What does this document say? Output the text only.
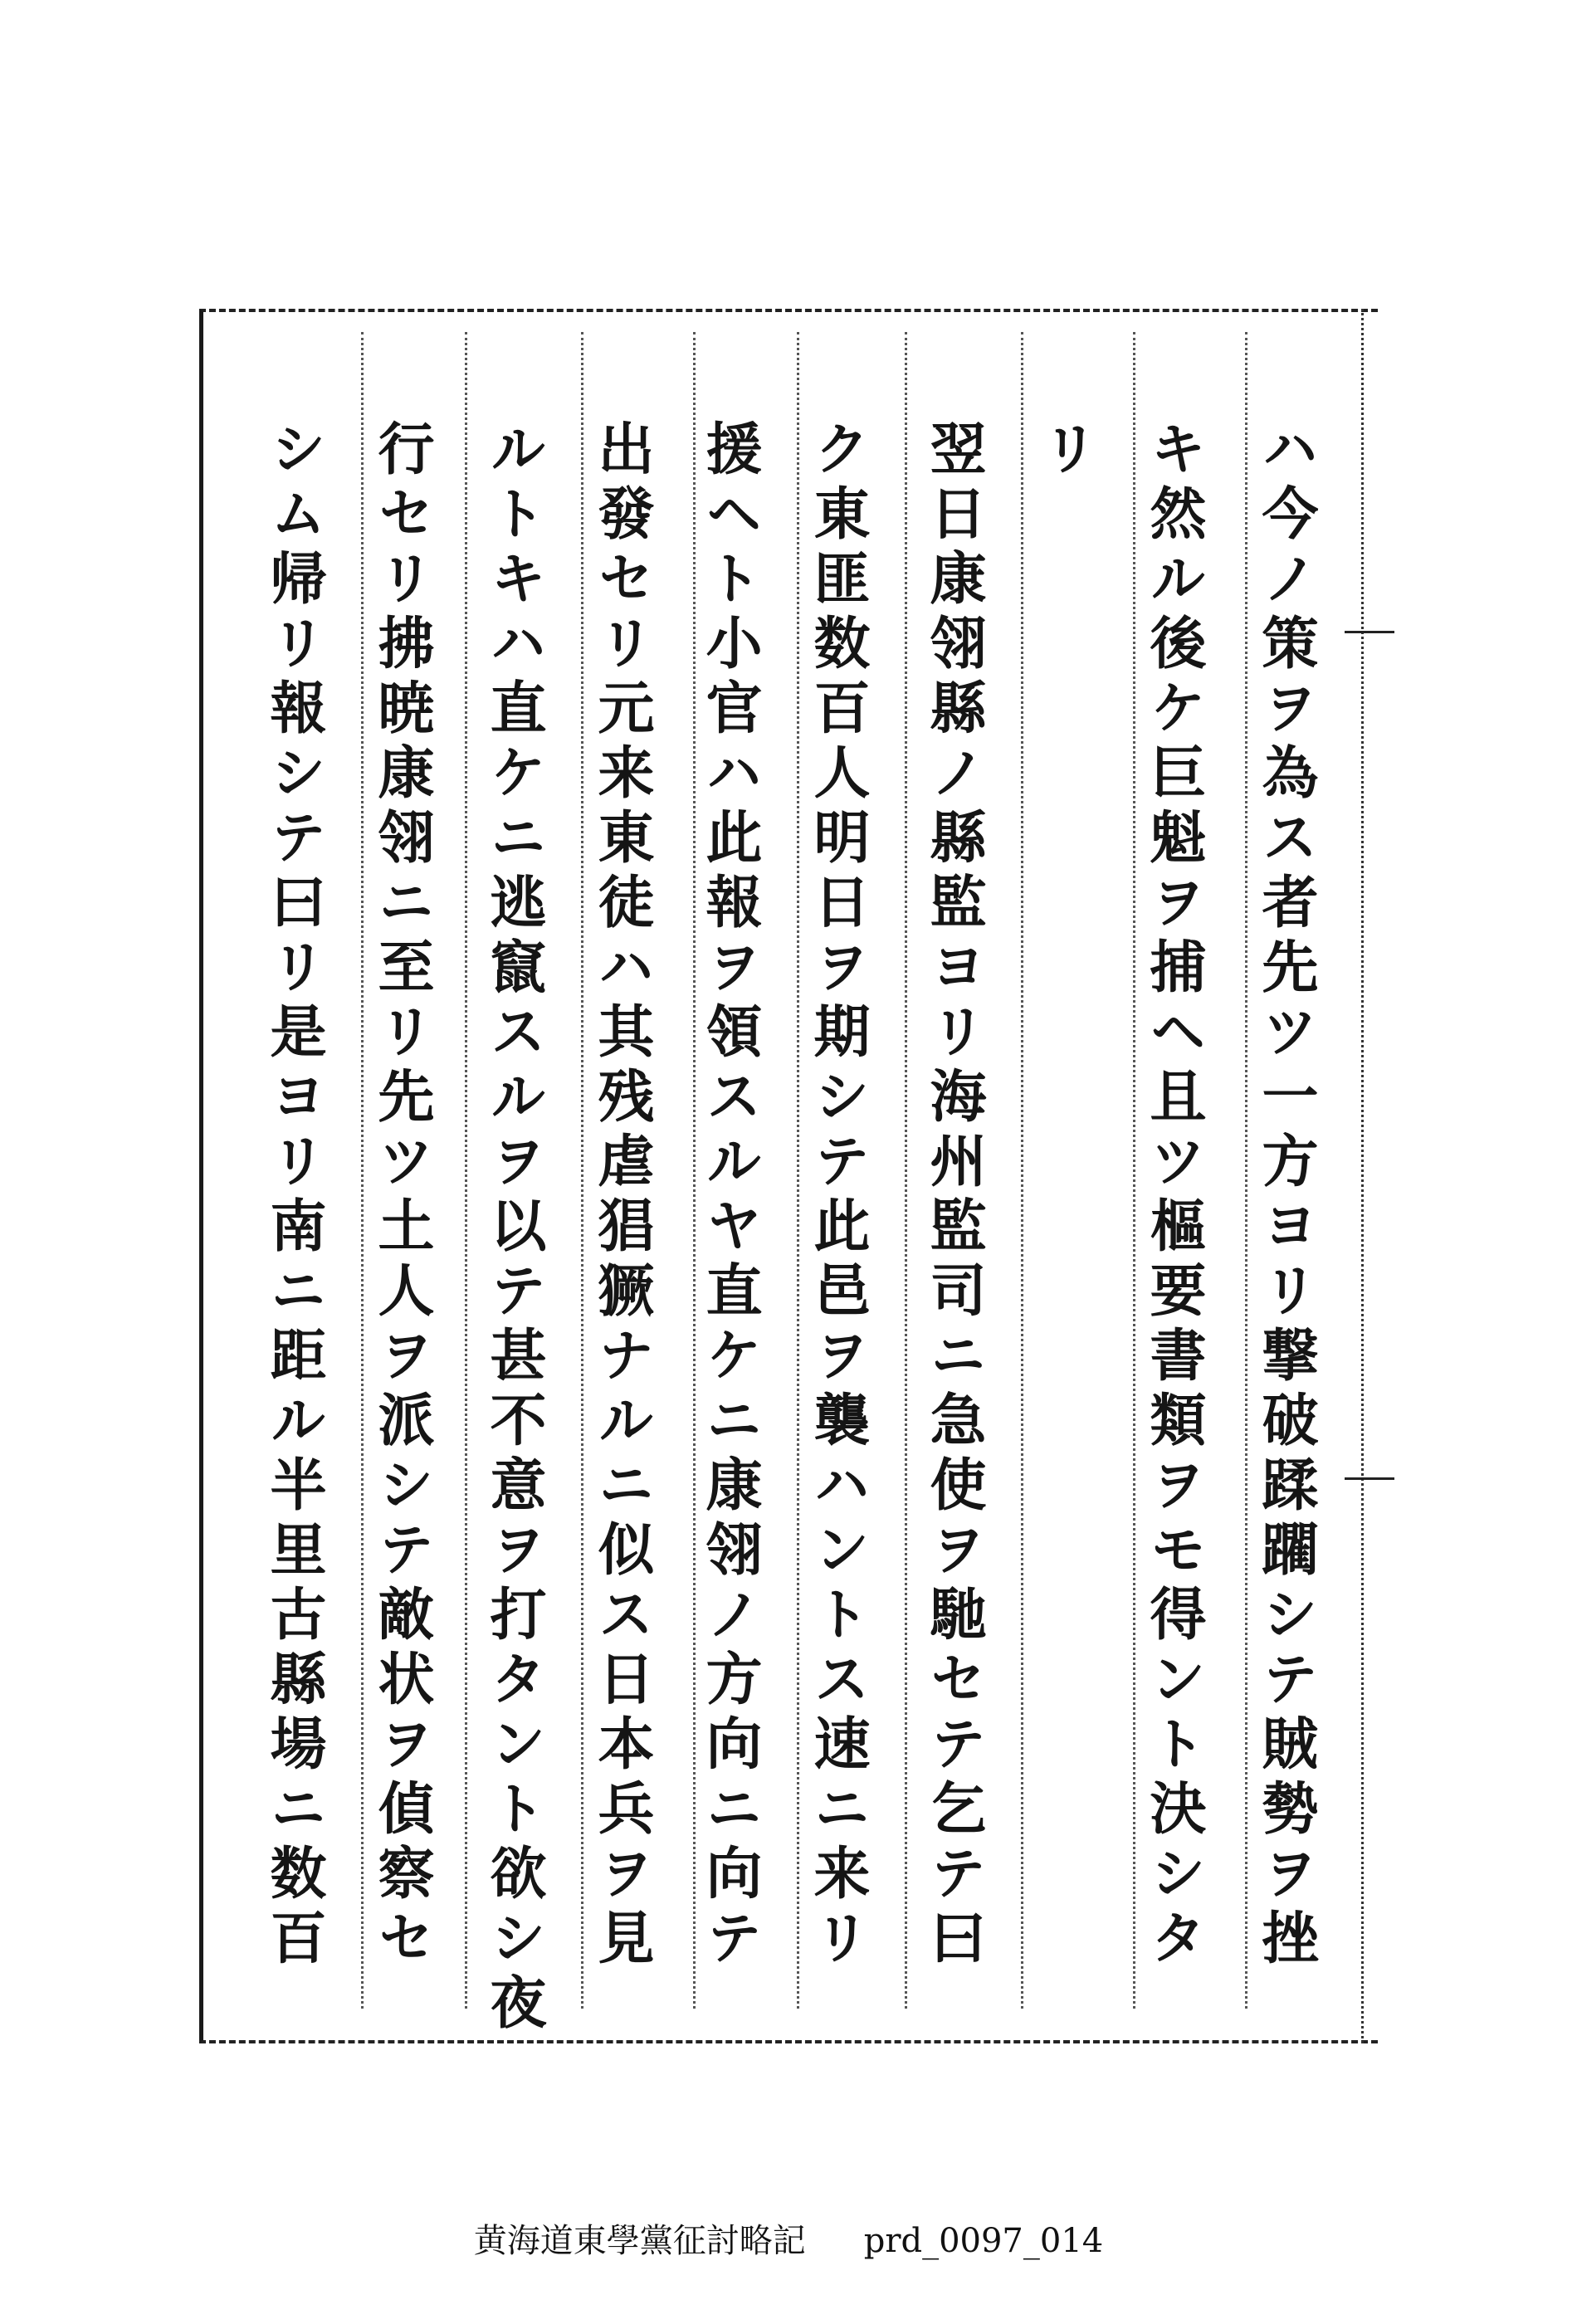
ハ今ノ策ヲ為ス者先ツ一方ヨリ撃破蹂躙シテ賊勢ヲ挫
キ然ル後ケ巨魁ヲ捕ヘ且ツ樞要書類ヲモ得ント決シタ
リ
翌日康翎縣ノ縣監ヨリ海州監司ニ急使ヲ馳セテ乞テ曰
ク東匪数百人明日ヲ期シテ此邑ヲ襲ハントス速ニ来リ
援ヘト小官ハ此報ヲ領スルヤ直ケニ康翎ノ方向ニ向テ
出發セリ元来東徒ハ其残虐猖獗ナルニ似ス日本兵ヲ見
ルトキハ直ケニ逃竄スルヲ以テ甚不意ヲ打タント欲シ夜
行セリ拂暁康翎ニ至リ先ツ土人ヲ派シテ敵状ヲ偵察セ
シム帰リ報シテ曰リ是ヨリ南ニ距ル半里古縣場ニ数百
黄海道東學黨征討略記 prd_0097_014
